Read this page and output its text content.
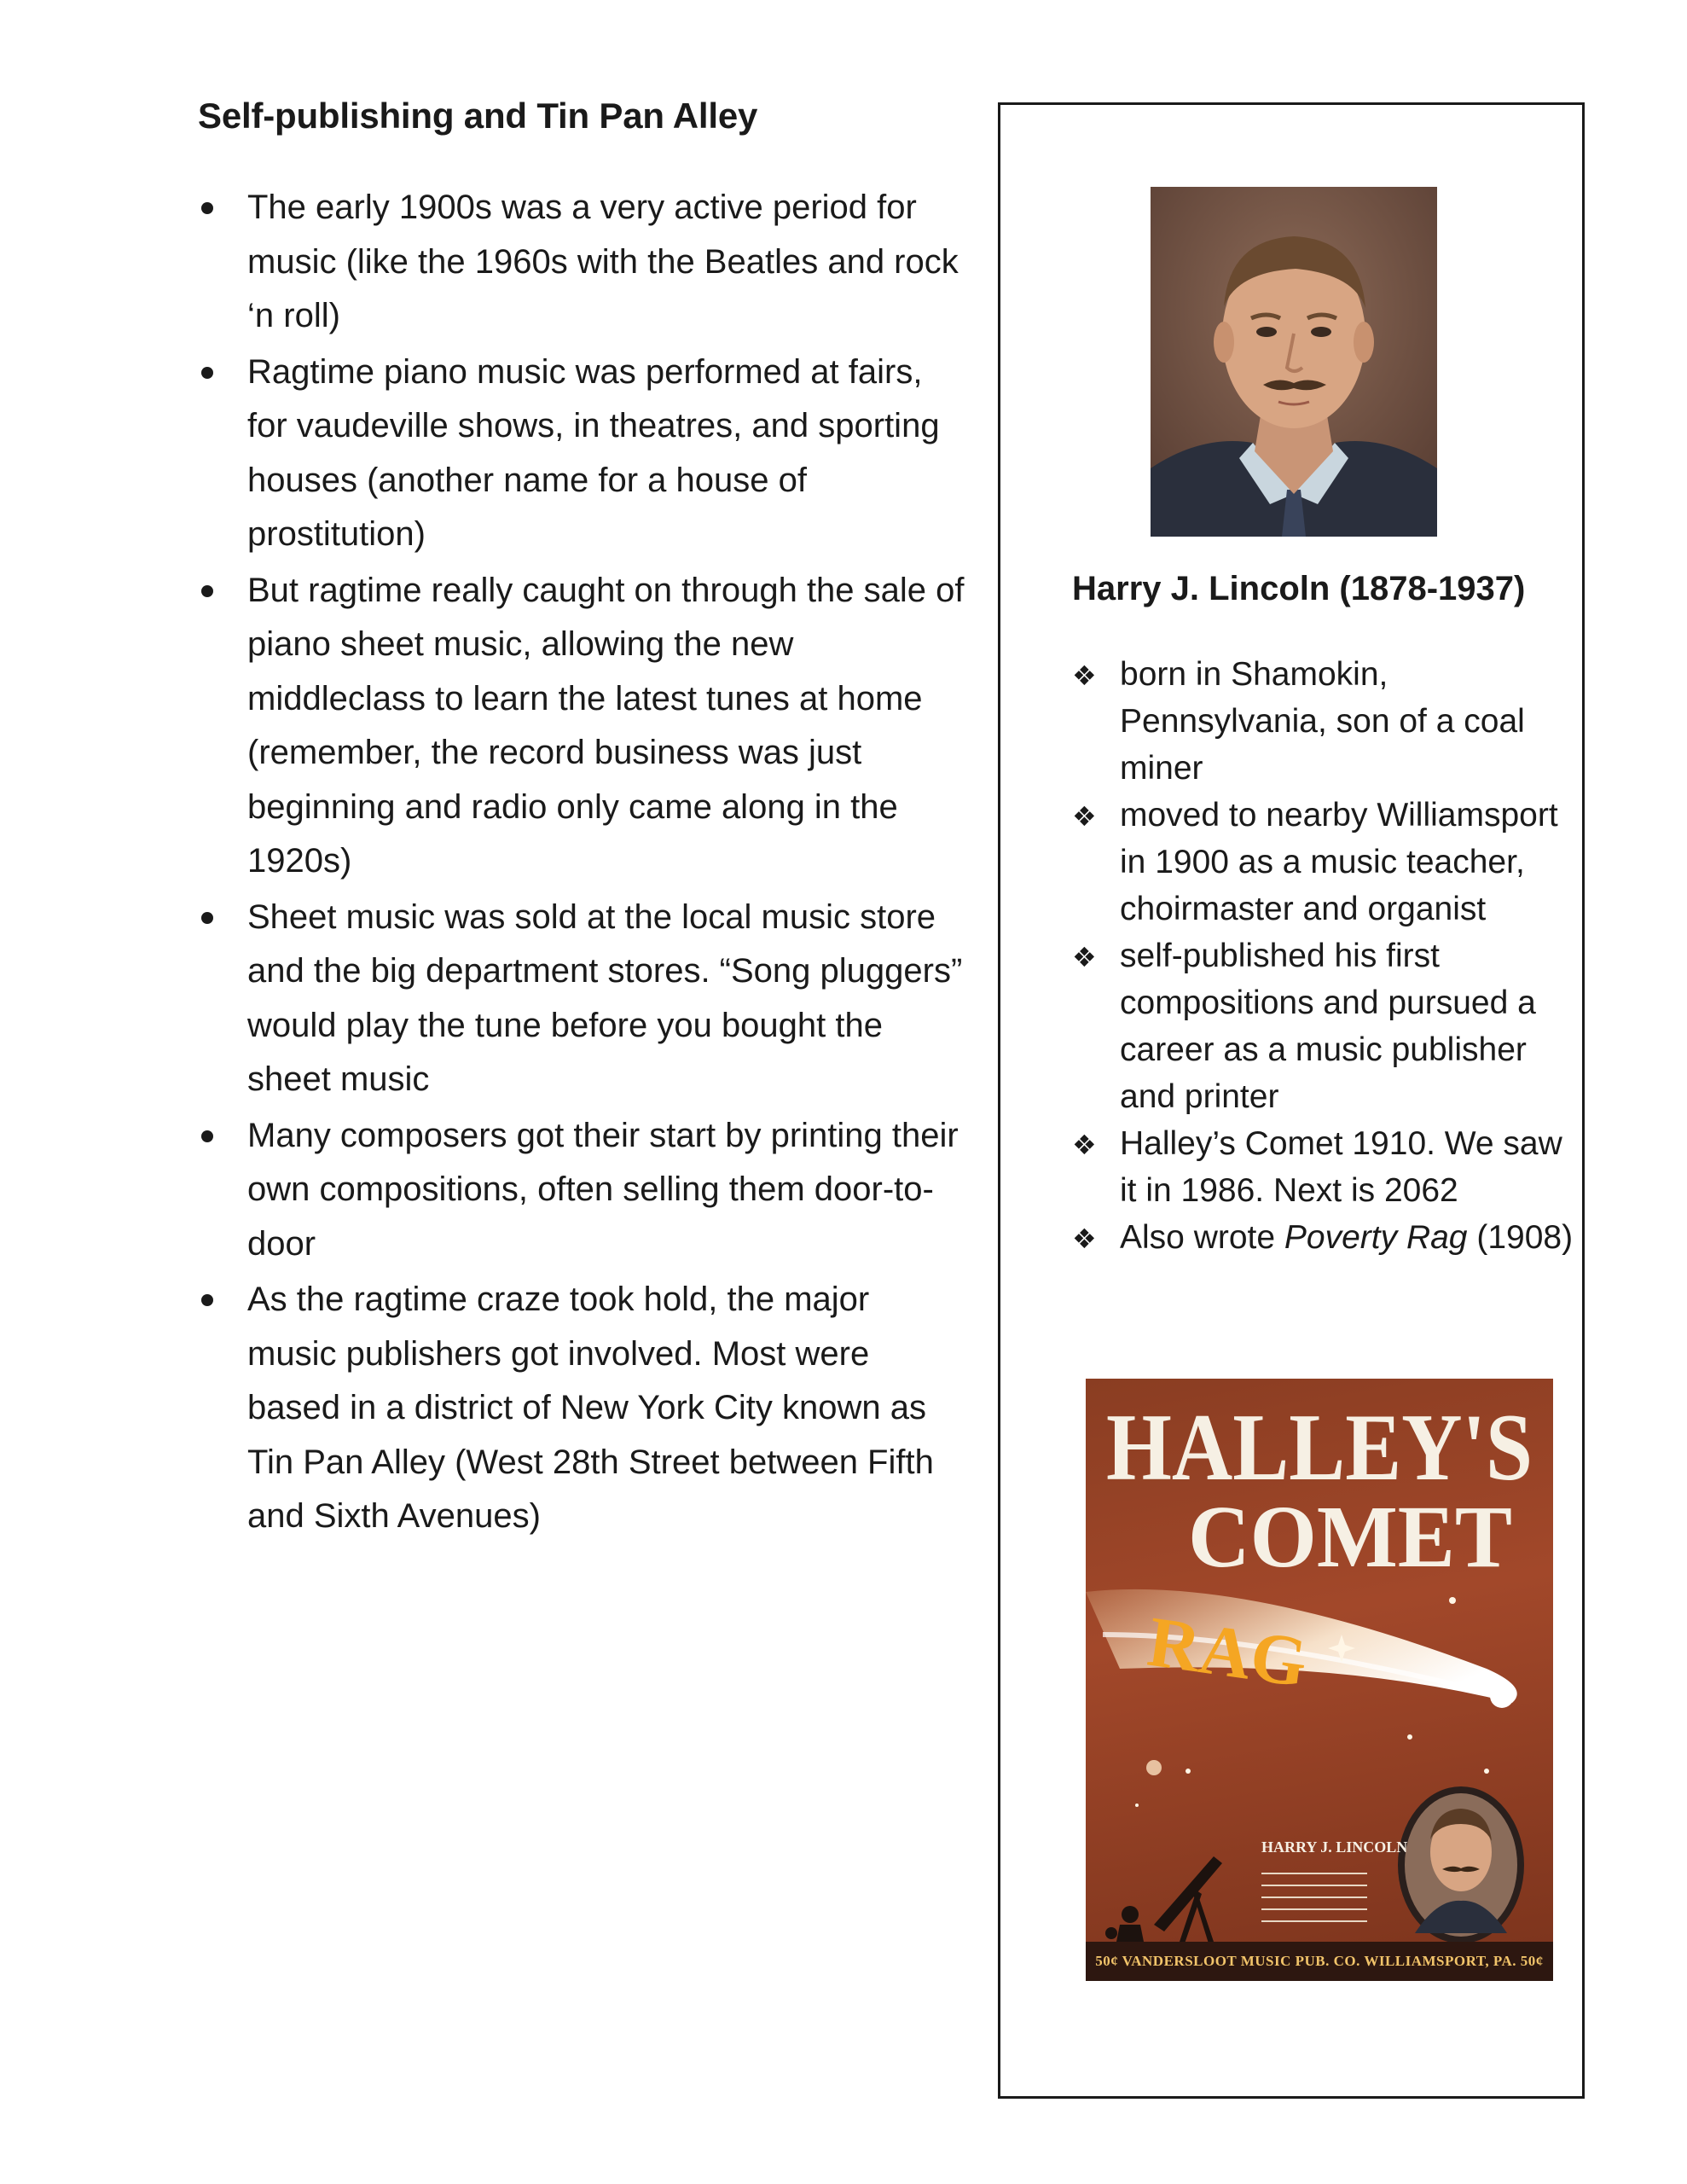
Self-publishing and Tin Pan Alley
The early 1900s was a very active period for music (like the 1960s with the Beatles and rock ‘n roll)
Ragtime piano music was performed at fairs, for vaudeville shows, in theatres, and sporting houses (another name for a house of prostitution)
But ragtime really caught on through the sale of piano sheet music, allowing the new middleclass to learn the latest tunes at home (remember, the record business was just beginning and radio only came along in the 1920s)
Sheet music was sold at the local music store and the big department stores. “Song pluggers” would play the tune before you bought the sheet music
Many composers got their start by printing their own compositions, often selling them door-to-door
As the ragtime craze took hold, the major music publishers got involved. Most were based in a district of New York City known as Tin Pan Alley (West 28th Street between Fifth and Sixth Avenues)
Harry J. Lincoln (1878-1937)
❖ born in Shamokin, Pennsylvania, son of a coal miner
❖ moved to nearby Williamsport in 1900 as a music teacher, choirmaster and organist
❖ self-published his first compositions and pursued a career as a music publisher and printer
❖ Halley’s Comet 1910. We saw it in 1986. Next is 2062
❖ Also wrote Poverty Rag (1908)
HALLEY'S
COMET
RAG
HARRY J. LINCOLN
50¢ VANDERSLOOT MUSIC PUB. CO. WILLIAMSPORT, PA. 50¢
